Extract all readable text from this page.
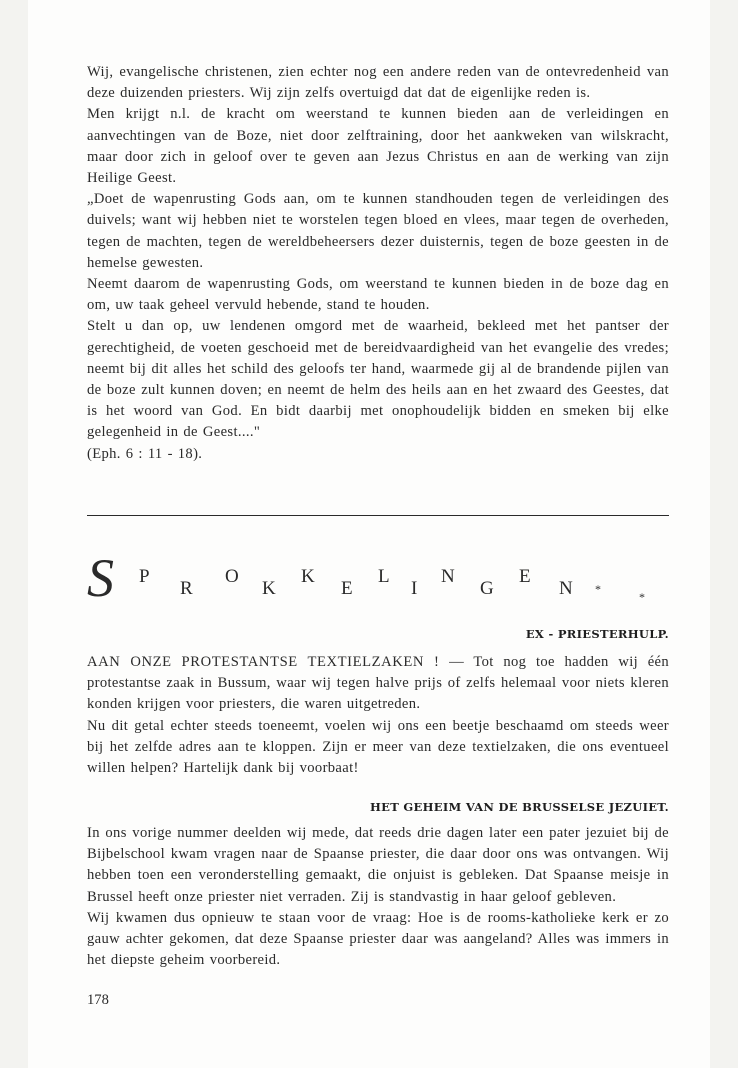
Wij, evangelische christenen, zien echter nog een andere reden van de ontevredenheid van deze duizenden priesters. Wij zijn zelfs overtuigd dat dat de eigenlijke reden is.

Men krijgt n.l. de kracht om weerstand te kunnen bieden aan de verleidingen en aanvechtingen van de Boze, niet door zelftraining, door het aankweken van wilskracht, maar door zich in geloof over te geven aan Jezus Christus en aan de werking van zijn Heilige Geest.

„Doet de wapenrusting Gods aan, om te kunnen standhouden tegen de verleidingen des duivels; want wij hebben niet te worstelen tegen bloed en vlees, maar tegen de overheden, tegen de machten, tegen de wereldbeheersers dezer duisternis, tegen de boze geesten in de hemelse gewesten.

Neemt daarom de wapenrusting Gods, om weerstand te kunnen bieden in de boze dag en om, uw taak geheel vervuld hebende, stand te houden.

Stelt u dan op, uw lendenen omgord met de waarheid, bekleed met het pantser der gerechtigheid, de voeten geschoeid met de bereidvaardigheid van het evangelie des vredes; neemt bij dit alles het schild des geloofs ter hand, waarmede gij al de brandende pijlen van de boze zult kunnen doven; en neemt de helm des heils aan en het zwaard des Geestes, dat is het woord van God. En bidt daarbij met onophoudelijk bidden en smeken bij elke gelegenheid in de Geest...."

(Eph. 6 : 11 - 18).

S P
R
O
K
K
E
L
I
N
G
E
N *
*
EX - PRIESTERHULP.

AAN ONZE PROTESTANTSE TEXTIELZAKEN ! — Tot nog toe hadden wij één protestantse zaak in Bussum, waar wij tegen halve prijs of zelfs helemaal voor niets kleren konden krijgen voor priesters, die waren uitgetreden.

Nu dit getal echter steeds toeneemt, voelen wij ons een beetje beschaamd om steeds weer bij het zelfde adres aan te kloppen. Zijn er meer van deze textielzaken, die ons eventueel willen helpen? Hartelijk dank bij voorbaat!

HET GEHEIM VAN DE BRUSSELSE JEZUIET.

In ons vorige nummer deelden wij mede, dat reeds drie dagen later een pater jezuiet bij de Bijbelschool kwam vragen naar de Spaanse priester, die daar door ons was ontvangen. Wij hebben toen een veronderstelling gemaakt, die onjuist is gebleken. Dat Spaanse meisje in Brussel heeft onze priester niet verraden. Zij is standvastig in haar geloof gebleven.

Wij kwamen dus opnieuw te staan voor de vraag: Hoe is de rooms-katholieke kerk er zo gauw achter gekomen, dat deze Spaanse priester daar was aangeland? Alles was immers in het diepste geheim voorbereid.

178
